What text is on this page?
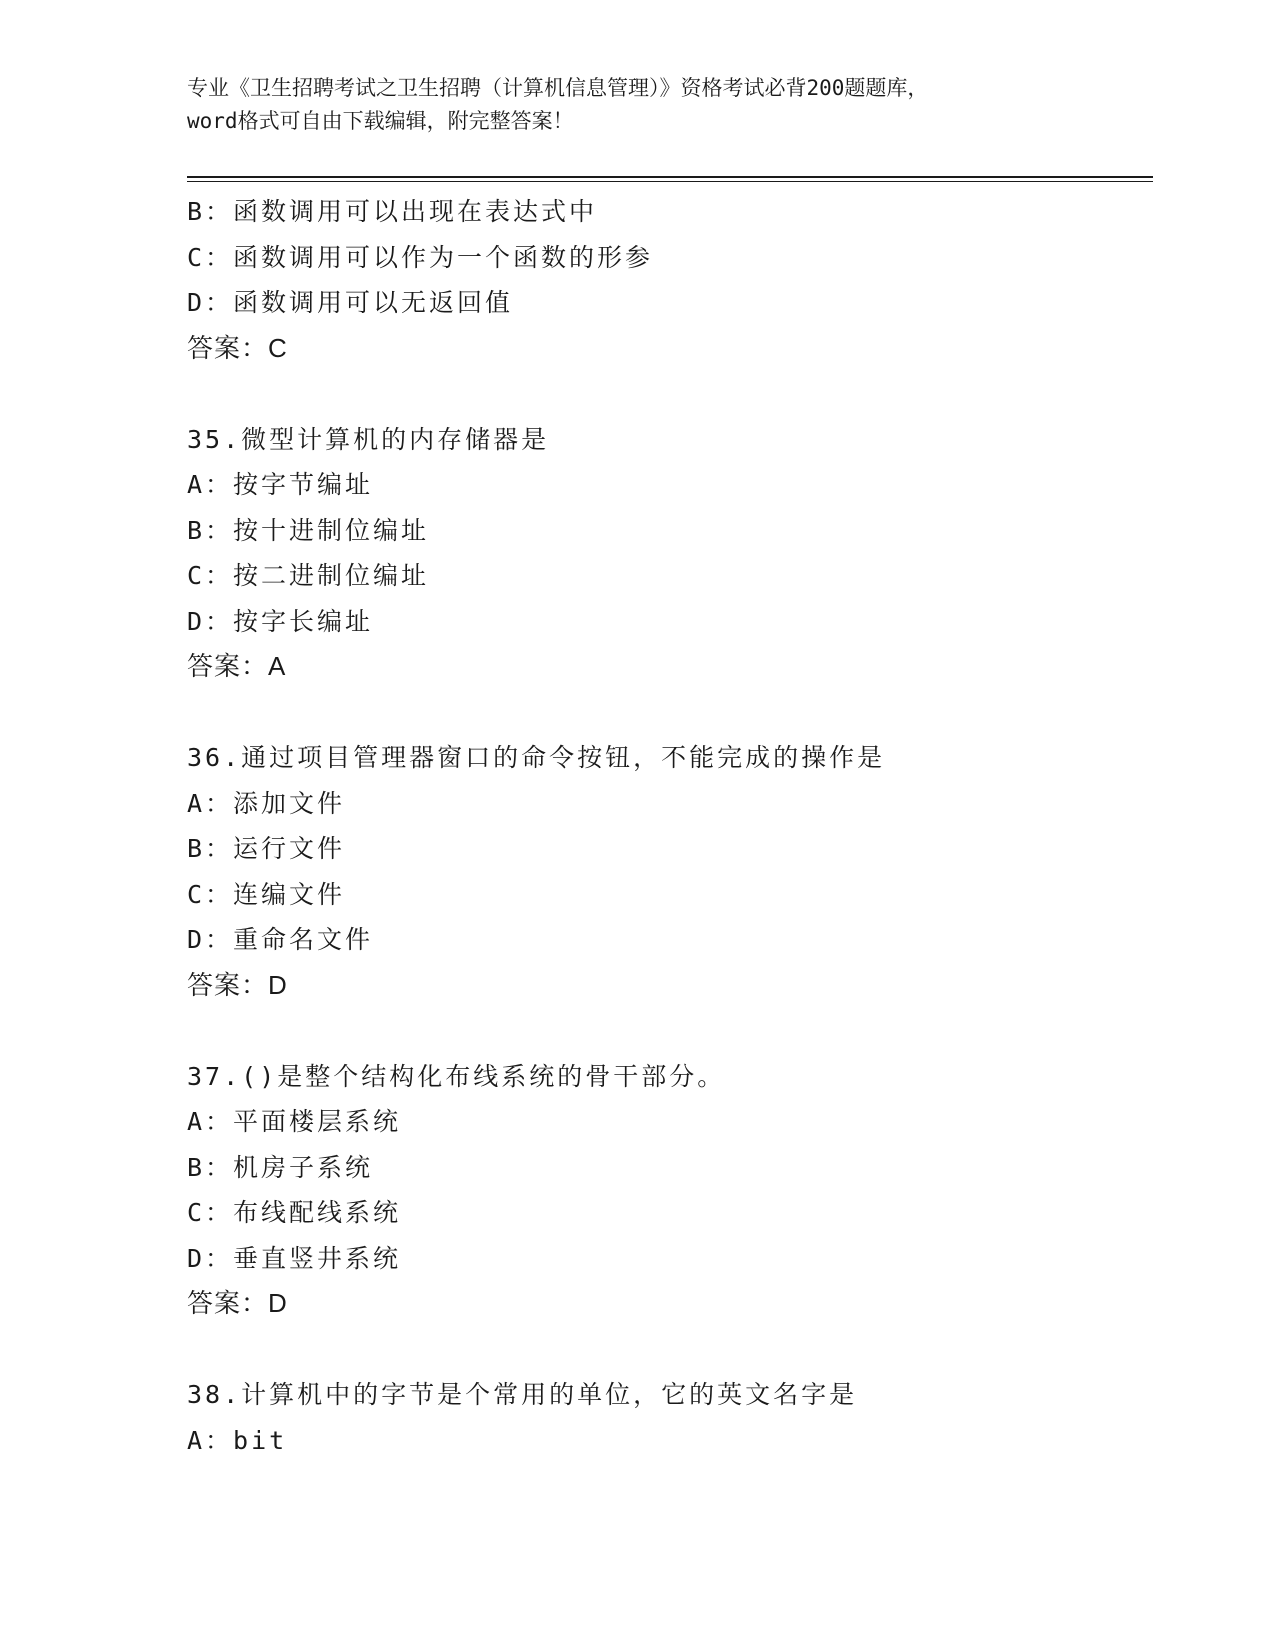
专业《卫生招聘考试之卫生招聘（计算机信息管理）》资格考试必背200题题库，
word格式可自由下载编辑，附完整答案！
B：函数调用可以出现在表达式中
C：函数调用可以作为一个函数的形参
D：函数调用可以无返回值
答案：C
35.微型计算机的内存储器是
A：按字节编址
B：按十进制位编址
C：按二进制位编址
D：按字长编址
答案：A
36.通过项目管理器窗口的命令按钮，不能完成的操作是
A：添加文件
B：运行文件
C：连编文件
D：重命名文件
答案：D
37.()是整个结构化布线系统的骨干部分。
A：平面楼层系统
B：机房子系统
C：布线配线系统
D：垂直竖井系统
答案：D
38.计算机中的字节是个常用的单位，它的英文名字是
A：bit
